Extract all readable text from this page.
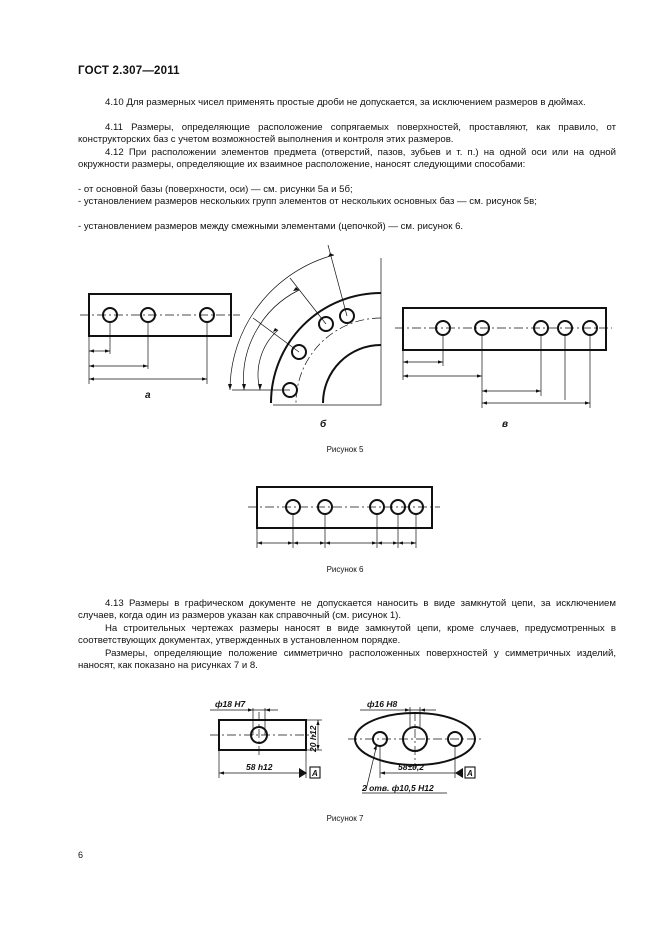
ГОСТ 2.307—2011
4.10 Для размерных чисел применять простые дроби не допускается, за исключением размеров в дюймах.
4.11 Размеры, определяющие расположение сопрягаемых поверхностей, проставляют, как правило, от конструкторских баз с учетом возможностей выполнения и контроля этих размеров.
4.12 При расположении элементов предмета (отверстий, пазов, зубьев и т. п.) на одной оси или на одной окружности размеры, определяющие их взаимное расположение, наносят следующими способами:
- от основной базы (поверхности, оси) — см. рисунки 5а и 5б;
- установлением размеров нескольких групп элементов от нескольких основных баз — см. рисунок 5в;
- установлением размеров между смежными элементами (цепочкой) — см. рисунок 6.
а
б	в
ф18 Н7
20 h12
58 h12
А
ф16 Н8
58±0,2
А
2 отв. ф10,5 Н12
Рисунок 5
Рисунок 6
4.13 Размеры в графическом документе не допускается наносить в виде замкнутой цепи, за исключением случаев, когда один из размеров указан как справочный (см. рисунок 1).
На строительных чертежах размеры наносят в виде замкнутой цепи, кроме случаев, предусмотренных в соответствующих документах, утвержденных в установленном порядке.
Размеры, определяющие положение симметрично расположенных поверхностей у симметричных изделий, наносят, как показано на рисунках 7 и 8.
Рисунок 7
6
